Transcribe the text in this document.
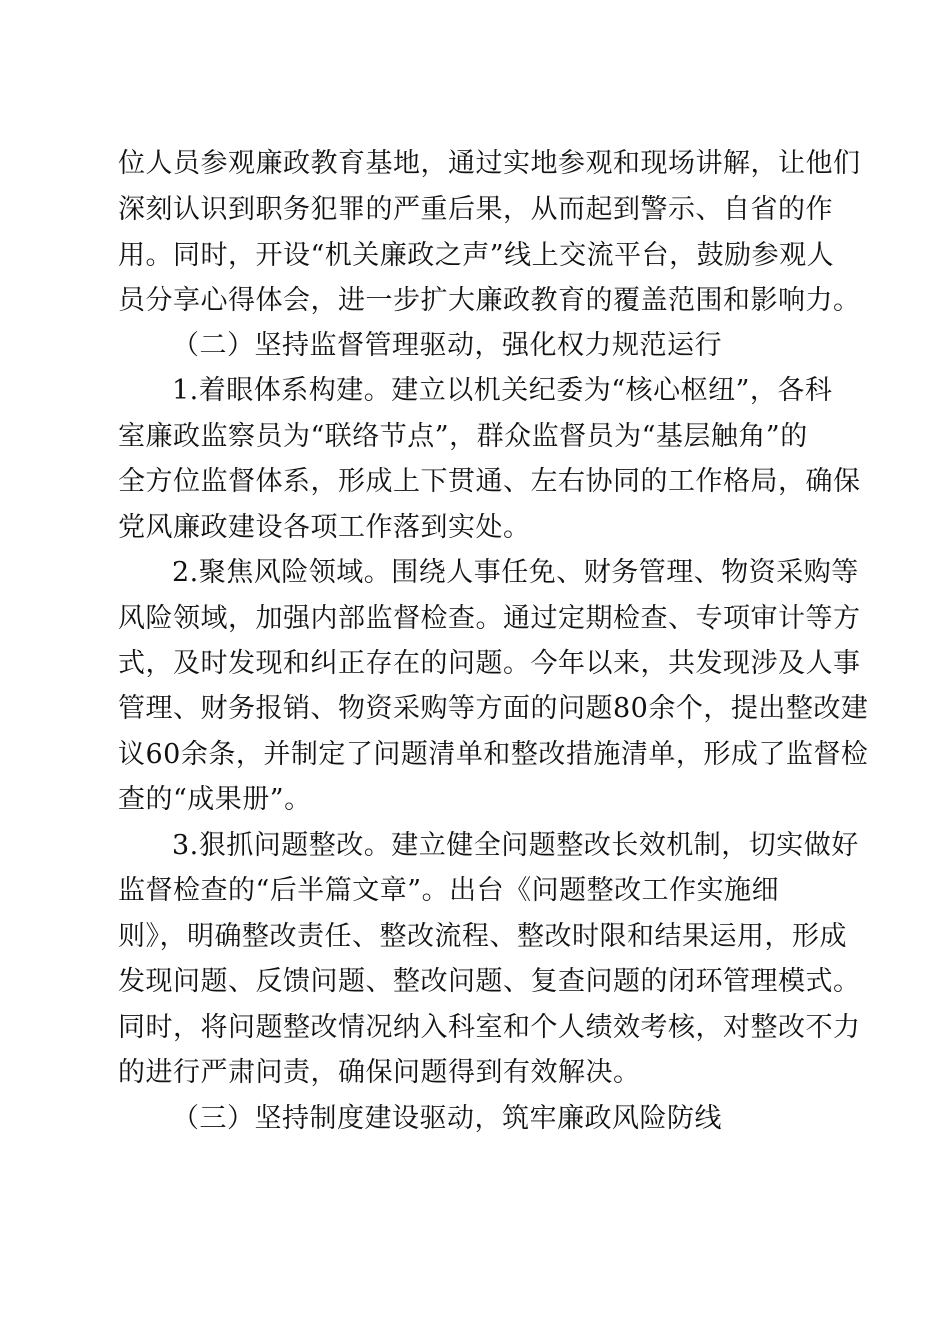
位人员参观廉政教育基地，通过实地参观和现场讲解，让他们
深刻认识到职务犯罪的严重后果，从而起到警示、自省的作
用。同时，开设“机关廉政之声”线上交流平台，鼓励参观人
员分享心得体会，进一步扩大廉政教育的覆盖范围和影响力。
（二）坚持监督管理驱动，强化权力规范运行
1.着眼体系构建。建立以机关纪委为“核心枢纽”，各科
室廉政监察员为“联络节点”，群众监督员为“基层触角”的
全方位监督体系，形成上下贯通、左右协同的工作格局，确保
党风廉政建设各项工作落到实处。
2.聚焦风险领域。围绕人事任免、财务管理、物资采购等
风险领域，加强内部监督检查。通过定期检查、专项审计等方
式，及时发现和纠正存在的问题。今年以来，共发现涉及人事
管理、财务报销、物资采购等方面的问题80余个，提出整改建
议60余条，并制定了问题清单和整改措施清单，形成了监督检
查的“成果册”。
3.狠抓问题整改。建立健全问题整改长效机制，切实做好
监督检查的“后半篇文章”。出台《问题整改工作实施细
则》，明确整改责任、整改流程、整改时限和结果运用，形成
发现问题、反馈问题、整改问题、复查问题的闭环管理模式。
同时，将问题整改情况纳入科室和个人绩效考核，对整改不力
的进行严肃问责，确保问题得到有效解决。
（三）坚持制度建设驱动，筑牢廉政风险防线
